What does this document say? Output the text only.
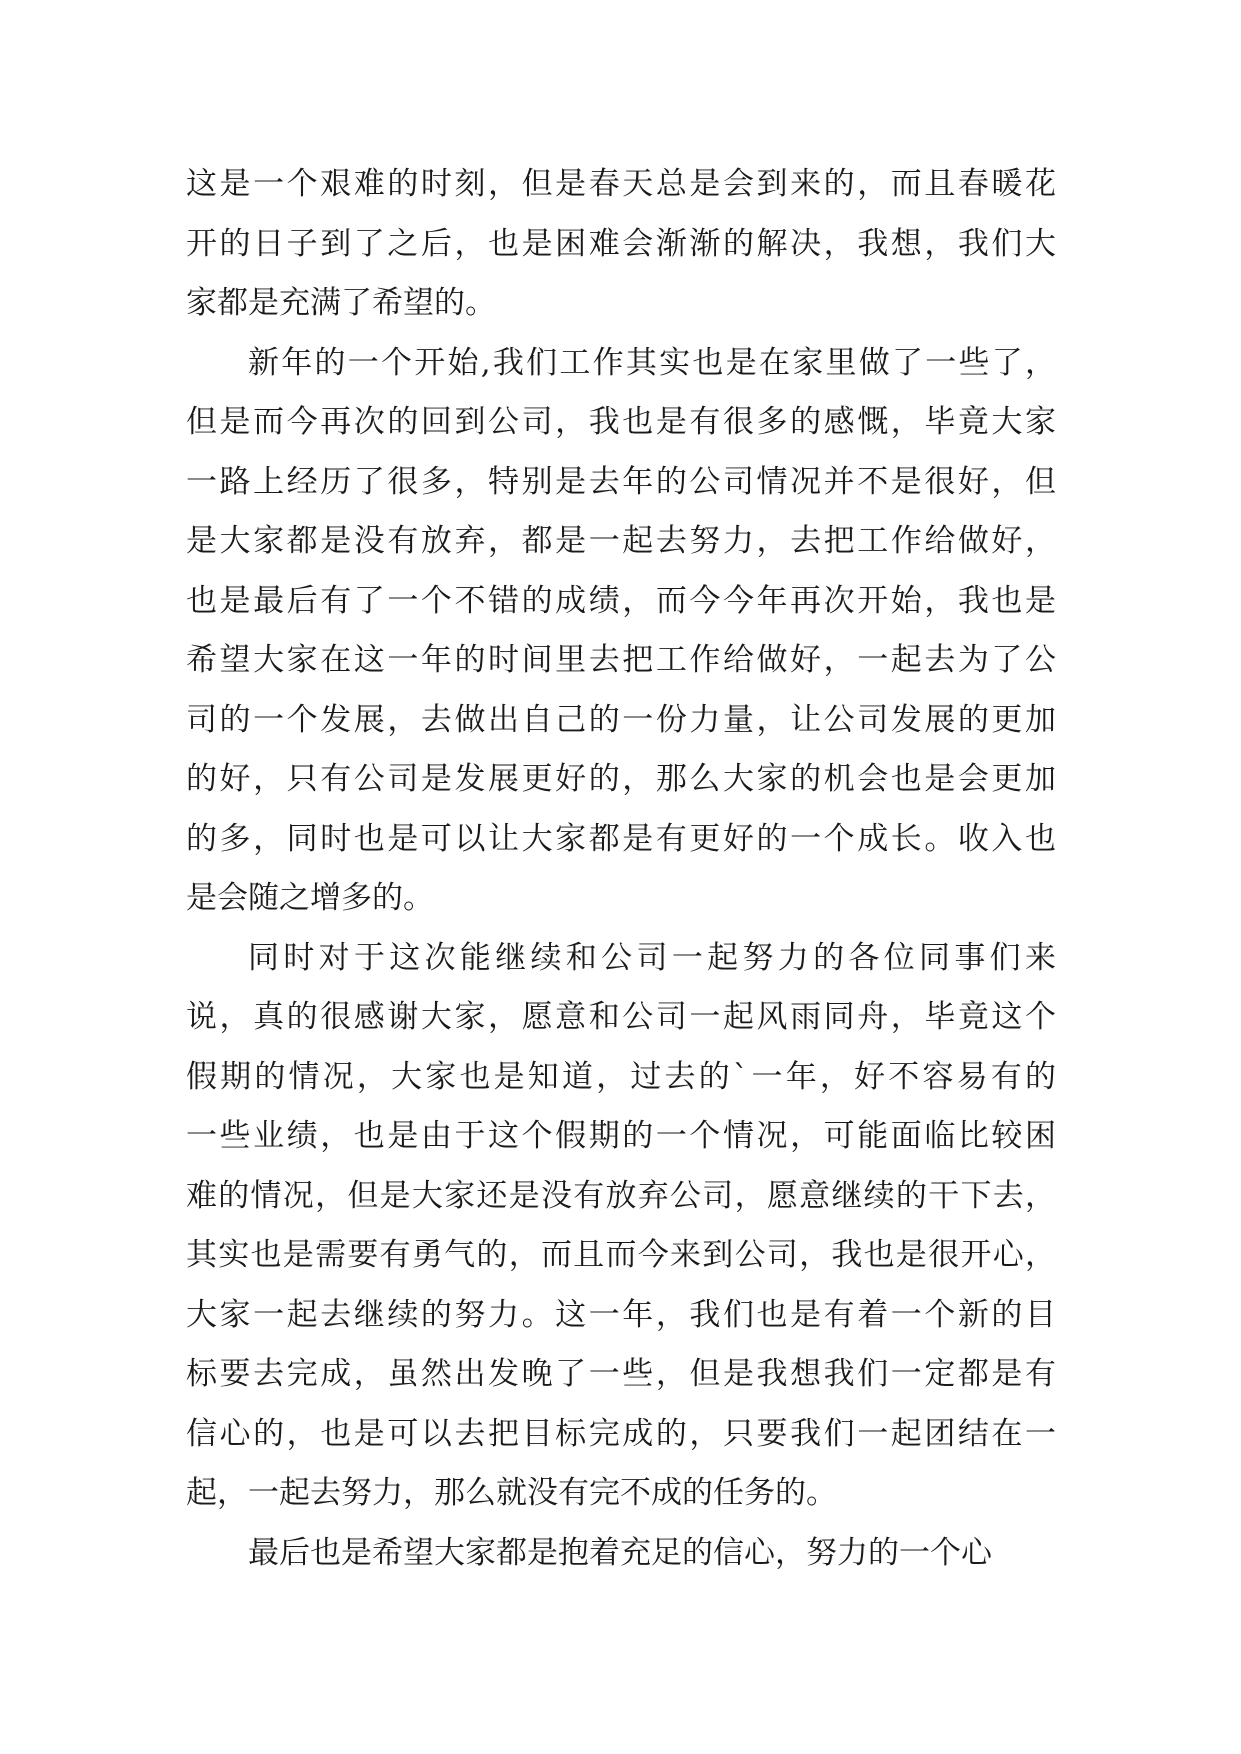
这是一个艰难的时刻，但是春天总是会到来的，而且春暖花
开的日子到了之后，也是困难会渐渐的解决，我想，我们大
家都是充满了希望的。
新年的一个开始,我们工作其实也是在家里做了一些了，
但是而今再次的回到公司，我也是有很多的感慨，毕竟大家
一路上经历了很多，特别是去年的公司情况并不是很好，但
是大家都是没有放弃，都是一起去努力，去把工作给做好，
也是最后有了一个不错的成绩，而今今年再次开始，我也是
希望大家在这一年的时间里去把工作给做好，一起去为了公
司的一个发展，去做出自己的一份力量，让公司发展的更加
的好，只有公司是发展更好的，那么大家的机会也是会更加
的多，同时也是可以让大家都是有更好的一个成长。收入也
是会随之增多的。
同时对于这次能继续和公司一起努力的各位同事们来
说，真的很感谢大家，愿意和公司一起风雨同舟，毕竟这个
假期的情况，大家也是知道，过去的`一年，好不容易有的
一些业绩，也是由于这个假期的一个情况，可能面临比较困
难的情况，但是大家还是没有放弃公司，愿意继续的干下去，
其实也是需要有勇气的，而且而今来到公司，我也是很开心，
大家一起去继续的努力。这一年，我们也是有着一个新的目
标要去完成，虽然出发晚了一些，但是我想我们一定都是有
信心的，也是可以去把目标完成的，只要我们一起团结在一
起，一起去努力，那么就没有完不成的任务的。
最后也是希望大家都是抱着充足的信心，努力的一个心
